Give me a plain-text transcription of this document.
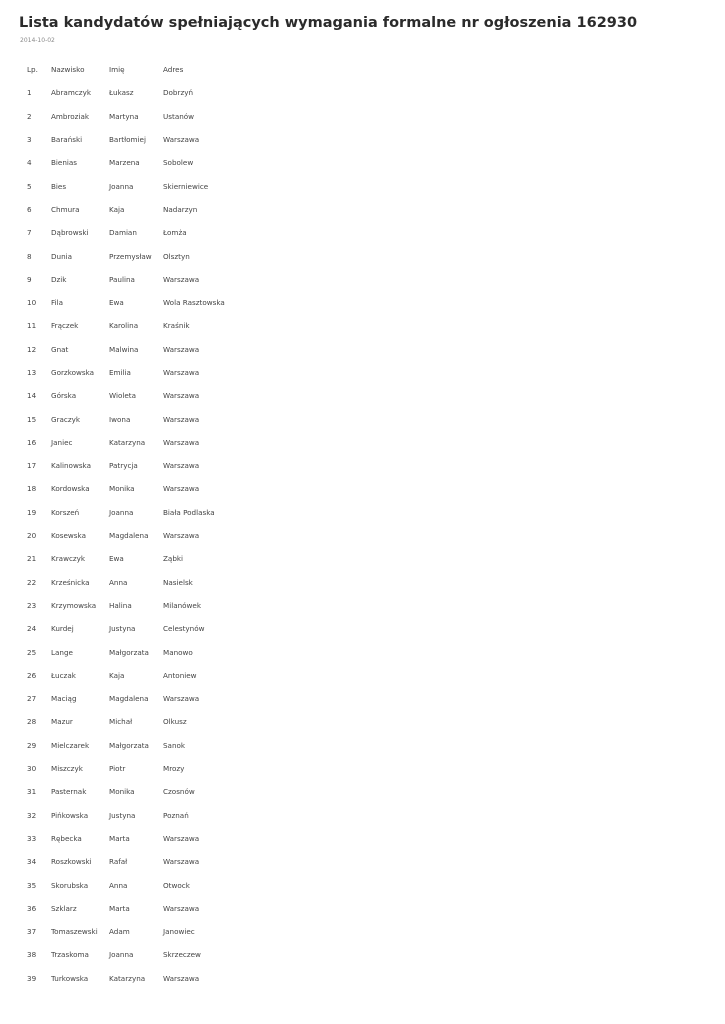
Lista kandydatów spełniających wymagania formalne nr ogłoszenia 162930
2014-10-02
Lp.	Nazwisko	Imię	Adres
1	Abramczyk	Łukasz	Dobrzyń
2	Ambroziak	Martyna	Ustanów
3	Barański	Bartłomiej	Warszawa
4	Bienias	Marzena	Sobolew
5	Bies	Joanna	Skierniewice
6	Chmura	Kaja	Nadarzyn
7	Dąbrowski	Damian	Łomża
8	Dunia	Przemysław	Olsztyn
9	Dzik	Paulina	Warszawa
10	Fila	Ewa	Wola Rasztowska
11	Frączek	Karolina	Kraśnik
12	Gnat	Malwina	Warszawa
13	Gorzkowska	Emilia	Warszawa
14	Górska	Wioleta	Warszawa
15	Graczyk	Iwona	Warszawa
16	Janiec	Katarzyna	Warszawa
17	Kalinowska	Patrycja	Warszawa
18	Kordowska	Monika	Warszawa
19	Korszeń	Joanna	Biała Podlaska
20	Kosewska	Magdalena	Warszawa
21	Krawczyk	Ewa	Ząbki
22	Krześnicka	Anna	Nasielsk
23	Krzymowska	Halina	Milanówek
24	Kurdej	Justyna	Celestynów
25	Lange	Małgorzata	Manowo
26	Łuczak	Kaja	Antoniew
27	Maciąg	Magdalena	Warszawa
28	Mazur	Michał	Olkusz
29	Mielczarek	Małgorzata	Sanok
30	Miszczyk	Piotr	Mrozy
31	Pasternak	Monika	Czosnów
32	Pińkowska	Justyna	Poznań
33	Rębecka	Marta	Warszawa
34	Roszkowski	Rafał	Warszawa
35	Skorubska	Anna	Otwock
36	Szklarz	Marta	Warszawa
37	Tomaszewski	Adam	Janowiec
38	Trzaskoma	Joanna	Skrzeczew
39	Turkowska	Katarzyna	Warszawa
